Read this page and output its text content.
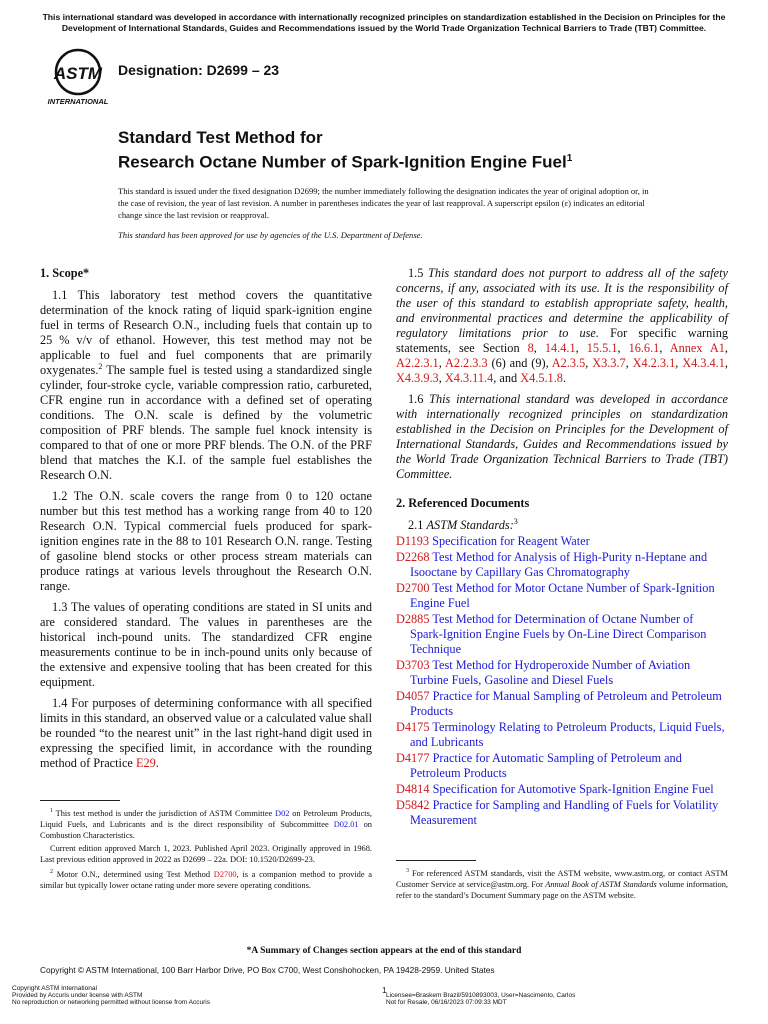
This international standard was developed in accordance with internationally recognized principles on standardization established in the Decision on Principles for the Development of International Standards, Guides and Recommendations issued by the World Trade Organization Technical Barriers to Trade (TBT) Committee.
ASTM
INTERNATIONAL
Designation: D2699 – 23
Standard Test Method for
Research Octane Number of Spark-Ignition Engine Fuel$^1$
This standard is issued under the fixed designation D2699; the number immediately following the designation indicates the year of original adoption or, in the case of revision, the year of last revision. A number in parentheses indicates the year of last reapproval. A superscript epsilon (ε) indicates an editorial change since the last revision or reapproval.
This standard has been approved for use by agencies of the U.S. Department of Defense.
1. Scope*

1.1 This laboratory test method covers the quantitative determination of the knock rating of liquid spark-ignition engine fuel in terms of Research O.N., including fuels that contain up to 25 % v/v of ethanol. However, this test method may not be applicable to fuel and fuel components that are primarily oxygenates.$^2$ The sample fuel is tested using a standardized single cylinder, four-stroke cycle, variable compression ratio, carbureted, CFR engine run in accordance with a defined set of operating conditions. The O.N. scale is defined by the volumetric composition of PRF blends. The sample fuel knock intensity is compared to that of one or more PRF blends. The O.N. of the PRF blend that matches the K.I. of the sample fuel establishes the Research O.N.

1.2 The O.N. scale covers the range from 0 to 120 octane number but this test method has a working range from 40 to 120 Research O.N. Typical commercial fuels produced for spark-ignition engines rate in the 88 to 101 Research O.N. range. Testing of gasoline blend stocks or other process stream materials can produce ratings at various levels throughout the Research O.N. range.

1.3 The values of operating conditions are stated in SI units and are considered standard. The values in parentheses are the historical inch-pound units. The standardized CFR engine measurements continue to be in inch-pound units only because of the extensive and expensive tooling that has been created for this equipment.

1.4 For purposes of determining conformance with all specified limits in this standard, an observed value or a calculated value shall be rounded “to the nearest unit” in the last right-hand digit used in expressing the specified limit, in accordance with the rounding method of Practice E29.

1.5 This standard does not purport to address all of the safety concerns, if any, associated with its use. It is the responsibility of the user of this standard to establish appropriate safety, health, and environmental practices and determine the applicability of regulatory limitations prior to use. For specific warning statements, see Section 8, 14.4.1, 15.5.1, 16.6.1, Annex A1, A2.2.3.1, A2.2.3.3 (6) and (9), A2.3.5, X3.3.7, X4.2.3.1, X4.3.4.1, X4.3.9.3, X4.3.11.4, and X4.5.1.8.

1.6 This international standard was developed in accordance with internationally recognized principles on standardization established in the Decision on Principles for the Development of International Standards, Guides and Recommendations issued by the World Trade Organization Technical Barriers to Trade (TBT) Committee.

2. Referenced Documents
2.1 ASTM Standards:$^3$
D1193 Specification for Reagent Water
D2268 Test Method for Analysis of High-Purity n-Heptane and Isooctane by Capillary Gas Chromatography
D2700 Test Method for Motor Octane Number of Spark-Ignition Engine Fuel
D2885 Test Method for Determination of Octane Number of Spark-Ignition Engine Fuels by On-Line Direct Comparison Technique
D3703 Test Method for Hydroperoxide Number of Aviation Turbine Fuels, Gasoline and Diesel Fuels
D4057 Practice for Manual Sampling of Petroleum and Petroleum Products
D4175 Terminology Relating to Petroleum Products, Liquid Fuels, and Lubricants
D4177 Practice for Automatic Sampling of Petroleum and Petroleum Products
D4814 Specification for Automotive Spark-Ignition Engine Fuel
D5842 Practice for Sampling and Handling of Fuels for Volatility Measurement

$^1$ This test method is under the jurisdiction of ASTM Committee D02 on Petroleum Products, Liquid Fuels, and Lubricants and is the direct responsibility of Subcommittee D02.01 on Combustion Characteristics.

Current edition approved March 1, 2023. Published April 2023. Originally approved in 1968. Last previous edition approved in 2022 as D2699 – 22a. DOI: 10.1520/D2699-23.

$^2$ Motor O.N., determined using Test Method D2700, is a companion method to provide a similar but typically lower octane rating under more severe operating conditions.

$^3$ For referenced ASTM standards, visit the ASTM website, www.astm.org, or contact ASTM Customer Service at service@astm.org. For Annual Book of ASTM Standards volume information, refer to the standard’s Document Summary page on the ASTM website.

*A Summary of Changes section appears at the end of this standard
Copyright © ASTM International, 100 Barr Harbor Drive, PO Box C700, West Conshohocken, PA 19428-2959. United States
Copyright ASTM International
Provided by Accuris under license with ASTM
No reproduction or networking permitted without license from Accuris
1
Licensee=Braskem Brazil/5910893003, User=Nascimento, Carlos
Not for Resale, 06/16/2023 07:09:33 MDT
